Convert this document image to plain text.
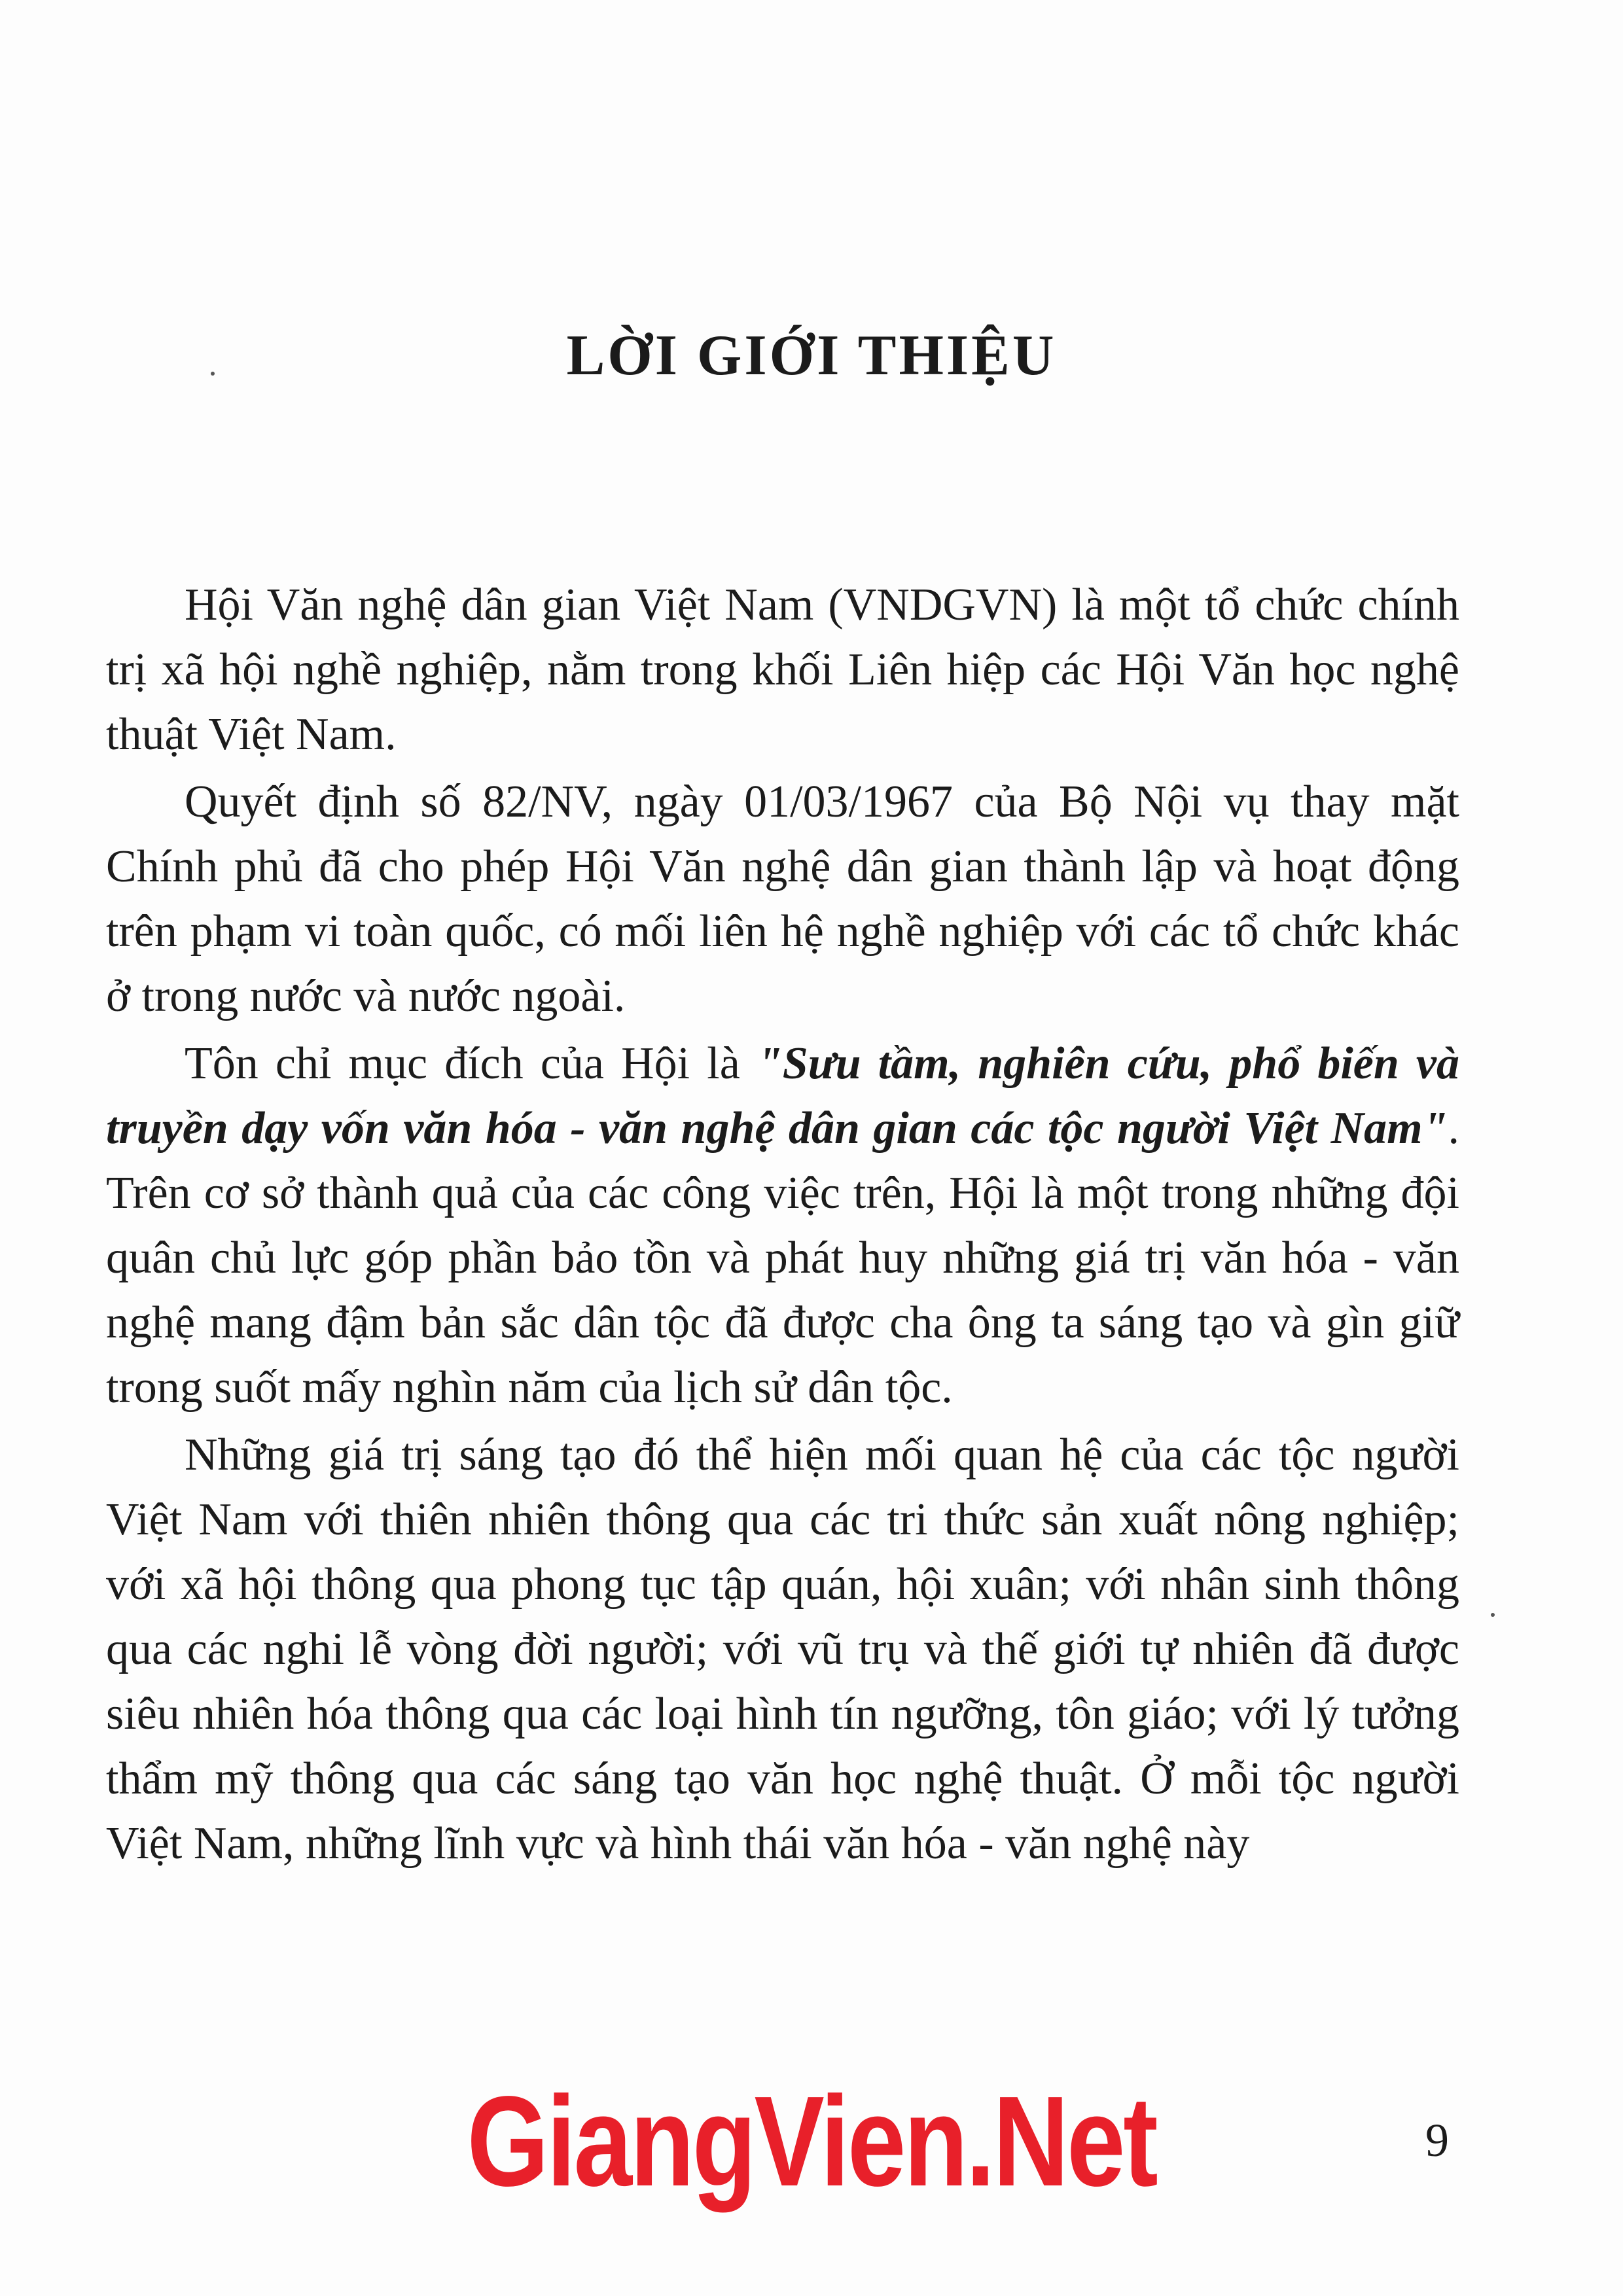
LỜI GIỚI THIỆU

Hội Văn nghệ dân gian Việt Nam (VNDGVN) là một tổ chức chính trị xã hội nghề nghiệp, nằm trong khối Liên hiệp các Hội Văn học nghệ thuật Việt Nam.

Quyết định số 82/NV, ngày 01/03/1967 của Bộ Nội vụ thay mặt Chính phủ đã cho phép Hội Văn nghệ dân gian thành lập và hoạt động trên phạm vi toàn quốc, có mối liên hệ nghề nghiệp với các tổ chức khác ở trong nước và nước ngoài.

Tôn chỉ mục đích của Hội là "Sưu tầm, nghiên cứu, phổ biến và truyền dạy vốn văn hóa - văn nghệ dân gian các tộc người Việt Nam". Trên cơ sở thành quả của các công việc trên, Hội là một trong những đội quân chủ lực góp phần bảo tồn và phát huy những giá trị văn hóa - văn nghệ mang đậm bản sắc dân tộc đã được cha ông ta sáng tạo và gìn giữ trong suốt mấy nghìn năm của lịch sử dân tộc.

Những giá trị sáng tạo đó thể hiện mối quan hệ của các tộc người Việt Nam với thiên nhiên thông qua các tri thức sản xuất nông nghiệp; với xã hội thông qua phong tục tập quán, hội xuân; với nhân sinh thông qua các nghi lễ vòng đời người; với vũ trụ và thế giới tự nhiên đã được siêu nhiên hóa thông qua các loại hình tín ngưỡng, tôn giáo; với lý tưởng thẩm mỹ thông qua các sáng tạo văn học nghệ thuật. Ở mỗi tộc người Việt Nam, những lĩnh vực và hình thái văn hóa - văn nghệ này

GiangVien.Net	9
